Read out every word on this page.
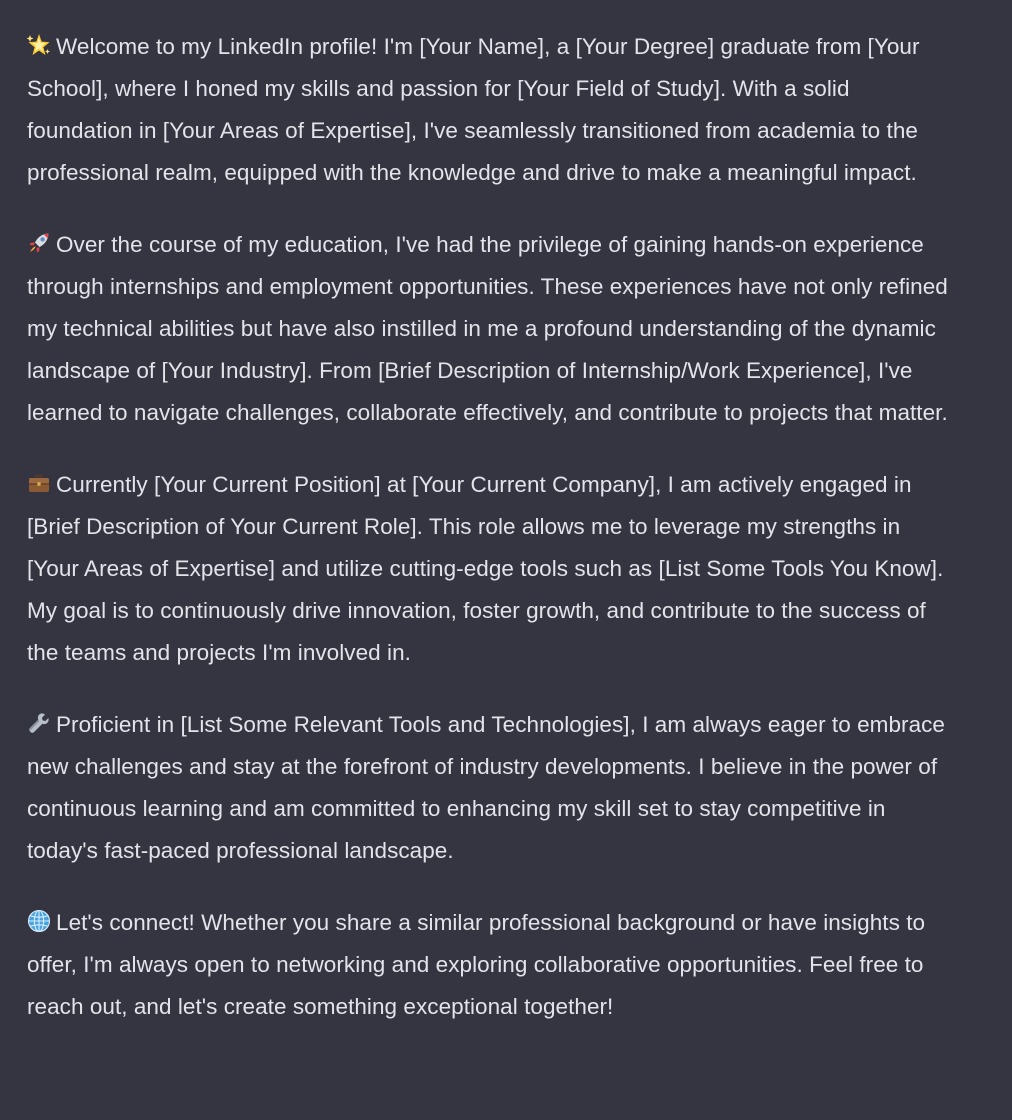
Welcome to my LinkedIn profile! I'm [Your Name], a [Your Degree] graduate from [Your School], where I honed my skills and passion for [Your Field of Study]. With a solid foundation in [Your Areas of Expertise], I've seamlessly transitioned from academia to the professional realm, equipped with the knowledge and drive to make a meaningful impact.

Over the course of my education, I've had the privilege of gaining hands-on experience through internships and employment opportunities. These experiences have not only refined my technical abilities but have also instilled in me a profound understanding of the dynamic landscape of [Your Industry]. From [Brief Description of Internship/Work Experience], I've learned to navigate challenges, collaborate effectively, and contribute to projects that matter.

Currently [Your Current Position] at [Your Current Company], I am actively engaged in [Brief Description of Your Current Role]. This role allows me to leverage my strengths in [Your Areas of Expertise] and utilize cutting-edge tools such as [List Some Tools You Know]. My goal is to continuously drive innovation, foster growth, and contribute to the success of the teams and projects I'm involved in.

Proficient in [List Some Relevant Tools and Technologies], I am always eager to embrace new challenges and stay at the forefront of industry developments. I believe in the power of continuous learning and am committed to enhancing my skill set to stay competitive in today's fast-paced professional landscape.

Let's connect! Whether you share a similar professional background or have insights to offer, I'm always open to networking and exploring collaborative opportunities. Feel free to reach out, and let's create something exceptional together!
